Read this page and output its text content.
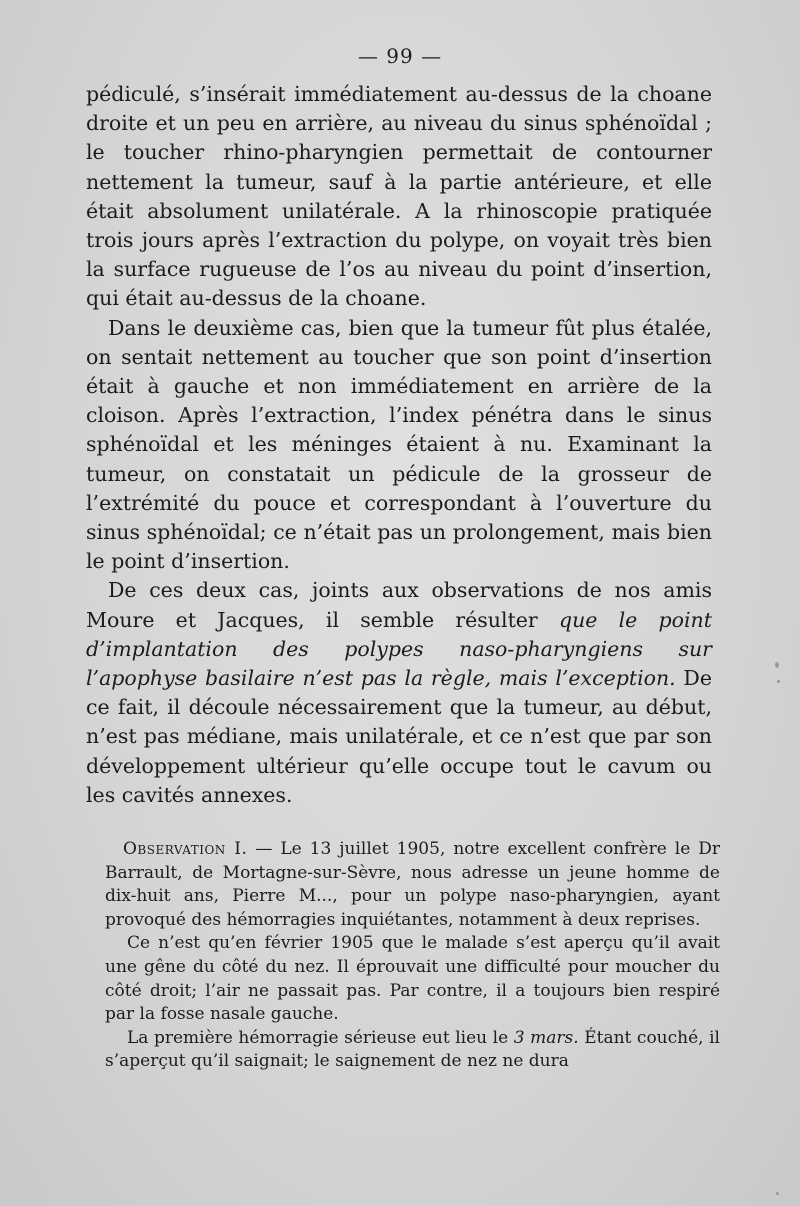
— 99 —

pédiculé, s’insérait immédiatement au-dessus de la choane droite et un peu en arrière, au niveau du sinus sphénoïdal ; le toucher rhino-pharyngien permettait de contourner nettement la tumeur, sauf à la partie antérieure, et elle était absolument unilatérale. A la rhinoscopie pratiquée trois jours après l’extraction du polype, on voyait très bien la surface rugueuse de l’os au niveau du point d’insertion, qui était au-dessus de la choane.

Dans le deuxième cas, bien que la tumeur fût plus étalée, on sentait nettement au toucher que son point d’insertion était à gauche et non immédiatement en arrière de la cloison. Après l’extraction, l’index pénétra dans le sinus sphénoïdal et les méninges étaient à nu. Examinant la tumeur, on constatait un pédicule de la grosseur de l’extrémité du pouce et correspondant à l’ouverture du sinus sphénoïdal; ce n’était pas un prolongement, mais bien le point d’insertion.

De ces deux cas, joints aux observations de nos amis Moure et Jacques, il semble résulter que le point d’implantation des polypes naso-pharyngiens sur l’apophyse basilaire n’est pas la règle, mais l’exception. De ce fait, il découle nécessairement que la tumeur, au début, n’est pas médiane, mais unilatérale, et ce n’est que par son développement ultérieur qu’elle occupe tout le cavum ou les cavités annexes.

Observation I. — Le 13 juillet 1905, notre excellent confrère le Dr Barrault, de Mortagne-sur-Sèvre, nous adresse un jeune homme de dix-huit ans, Pierre M..., pour un polype naso-pharyngien, ayant provoqué des hémorragies inquiétantes, notamment à deux reprises.

Ce n’est qu’en février 1905 que le malade s’est aperçu qu’il avait une gêne du côté du nez. Il éprouvait une difficulté pour moucher du côté droit; l’air ne passait pas. Par contre, il a toujours bien respiré par la fosse nasale gauche.

La première hémorragie sérieuse eut lieu le 3 mars. Étant couché, il s’aperçut qu’il saignait; le saignement de nez ne dura
